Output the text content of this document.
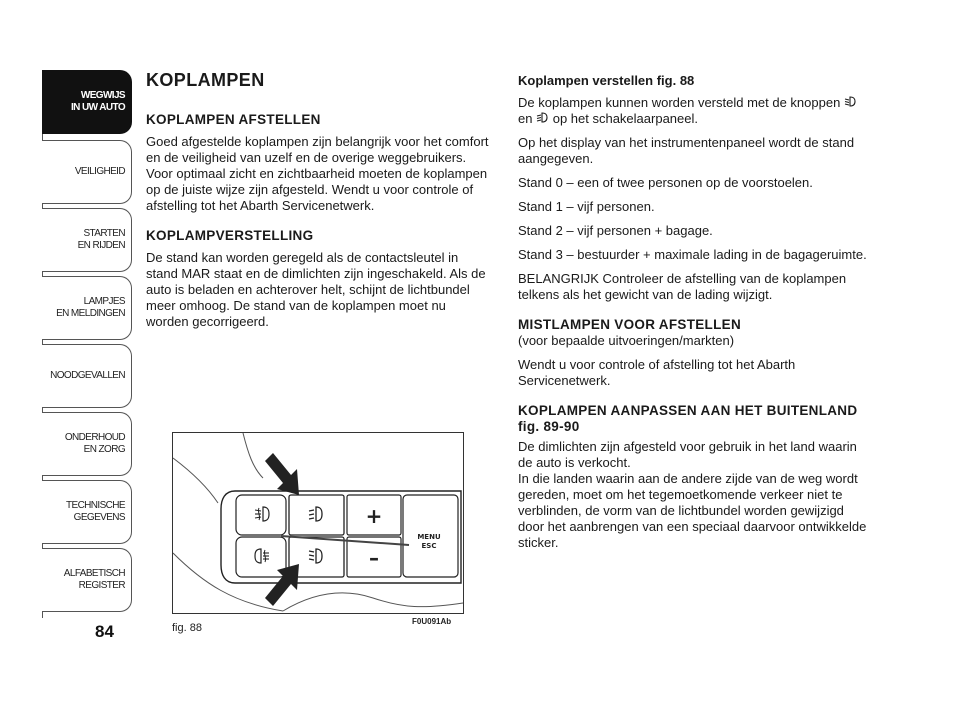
WEGWIJS
IN UW AUTO
VEILIGHEID
STARTEN
EN RIJDEN
LAMPJES
EN MELDINGEN
NOODGEVALLEN
ONDERHOUD
EN ZORG
TECHNISCHE
GEGEVENS
ALFABETISCH
REGISTER
84
KOPLAMPEN
KOPLAMPEN AFSTELLEN

Goed afgestelde koplampen zijn belangrijk voor het comfort en de veiligheid van uzelf en de overige weggebruikers. Voor optimaal zicht en zichtbaarheid moeten de koplampen op de juiste wijze zijn afgesteld. Wendt u voor controle of afstelling tot het Abarth Servicenetwerk.

KOPLAMPVERSTELLING

De stand kan worden geregeld als de contactsleutel in stand MAR staat en de dimlichten zijn ingeschakeld. Als de auto is beladen en achterover helt, schijnt de lichtbundel meer omhoog. De stand van de koplampen moet nu worden gecorrigeerd.

Koplampen verstellen fig. 88

De koplampen kunnen worden versteld met de knoppen  en op het schakelaarpaneel.

Op het display van het instrumentenpaneel wordt de stand aangegeven.

Stand 0 – een of twee personen op de voorstoelen.

Stand 1 – vijf personen.

Stand 2 – vijf personen + bagage.

Stand 3 – bestuurder + maximale lading in de bagageruimte.

BELANGRIJK Controleer de afstelling van de koplampen telkens als het gewicht van de lading wijzigt.

MISTLAMPEN VOOR AFSTELLEN

(voor bepaalde uitvoeringen/markten)

Wendt u voor controle of afstelling tot het Abarth Servicenetwerk.

KOPLAMPEN AANPASSEN AAN HET BUITENLAND fig. 89-90

De dimlichten zijn afgesteld voor gebruik in het land waarin de auto is verkocht.

In die landen waarin aan de andere zijde van de weg wordt gereden, moet om het tegemoetkomende verkeer niet te verblinden, de vorm van de lichtbundel worden gewijzigd door het aanbrengen van een speciaal daarvoor ontwikkelde sticker.

+
–
MENU
ESC
fig. 88
F0U091Ab
